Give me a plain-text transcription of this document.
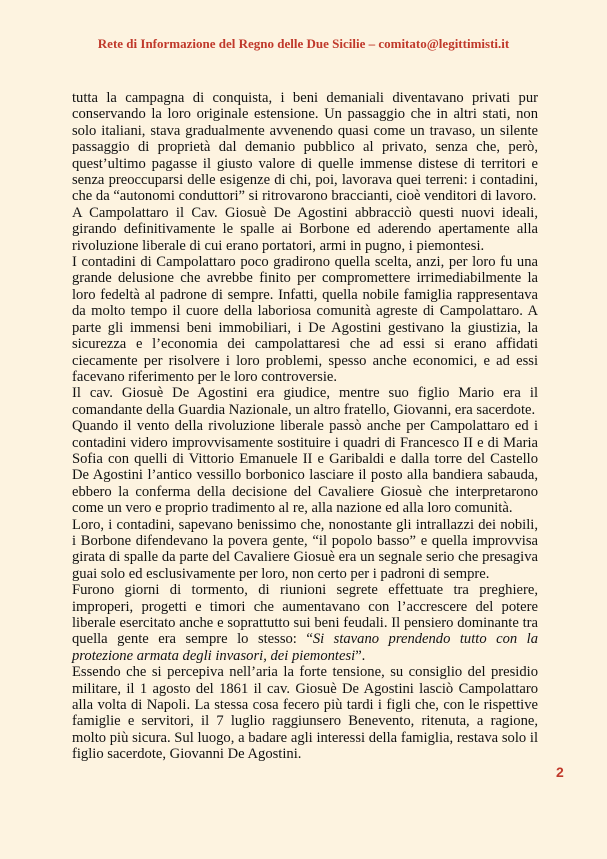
Rete di Informazione del Regno delle Due Sicilie – comitato@legittimisti.it

tutta la campagna di conquista, i beni demaniali diventavano privati pur conservando la loro originale estensione. Un passaggio che in altri stati, non solo italiani, stava gradualmente avvenendo quasi come un travaso, un silente passaggio di proprietà dal demanio pubblico al privato, senza che, però, quest’ultimo pagasse il giusto valore di quelle immense distese di territori e senza preoccuparsi delle esigenze di chi, poi, lavorava quei terreni: i contadini, che da “autonomi conduttori” si ritrovarono braccianti, cioè venditori di lavoro.

A Campolattaro il Cav. Giosuè De Agostini abbracciò questi nuovi ideali, girando definitivamente le spalle ai Borbone ed aderendo apertamente alla rivoluzione liberale di cui erano portatori, armi in pugno, i piemontesi.

I contadini di Campolattaro poco gradirono quella scelta, anzi, per loro fu una grande delusione che avrebbe finito per compromettere irrimediabilmente la loro fedeltà al padrone di sempre. Infatti, quella nobile famiglia rappresentava da molto tempo il cuore della laboriosa comunità agreste di Campolattaro. A parte gli immensi beni immobiliari, i De Agostini gestivano la giustizia, la sicurezza e l’economia dei campolattaresi che ad essi si erano affidati ciecamente per risolvere i loro problemi, spesso anche economici, e ad essi facevano riferimento per le loro controversie.

Il cav. Giosuè De Agostini era giudice, mentre suo figlio Mario era il comandante della Guardia Nazionale, un altro fratello, Giovanni, era sacerdote.

Quando il vento della rivoluzione liberale passò anche per Campolattaro ed i contadini videro improvvisamente sostituire i quadri di Francesco II e di Maria Sofia con quelli di Vittorio Emanuele II e Garibaldi e dalla torre del Castello De Agostini l’antico vessillo borbonico lasciare il posto alla bandiera sabauda, ebbero la conferma della decisione del Cavaliere Giosuè che interpretarono come un vero e proprio tradimento al re, alla nazione ed alla loro comunità.

Loro, i contadini, sapevano benissimo che, nonostante gli intrallazzi dei nobili, i Borbone difendevano la povera gente, “il popolo basso” e quella improvvisa girata di spalle da parte del Cavaliere Giosuè era un segnale serio che presagiva guai solo ed esclusivamente per loro, non certo per i padroni di sempre.

Furono giorni di tormento, di riunioni segrete effettuate tra preghiere, improperi, progetti e timori che aumentavano con l’accrescere del potere liberale esercitato anche e soprattutto sui beni feudali. Il pensiero dominante tra quella gente era sempre lo stesso: “Si stavano prendendo tutto con la protezione armata degli invasori, dei piemontesi”.

Essendo che si percepiva nell’aria la forte tensione, su consiglio del presidio militare, il 1 agosto del 1861 il cav. Giosuè De Agostini lasciò Campolattaro alla volta di Napoli. La stessa cosa fecero più tardi i figli che, con le rispettive famiglie e servitori, il 7 luglio raggiunsero Benevento, ritenuta, a ragione, molto più sicura. Sul luogo, a badare agli interessi della famiglia, restava solo il figlio sacerdote, Giovanni De Agostini.

2
